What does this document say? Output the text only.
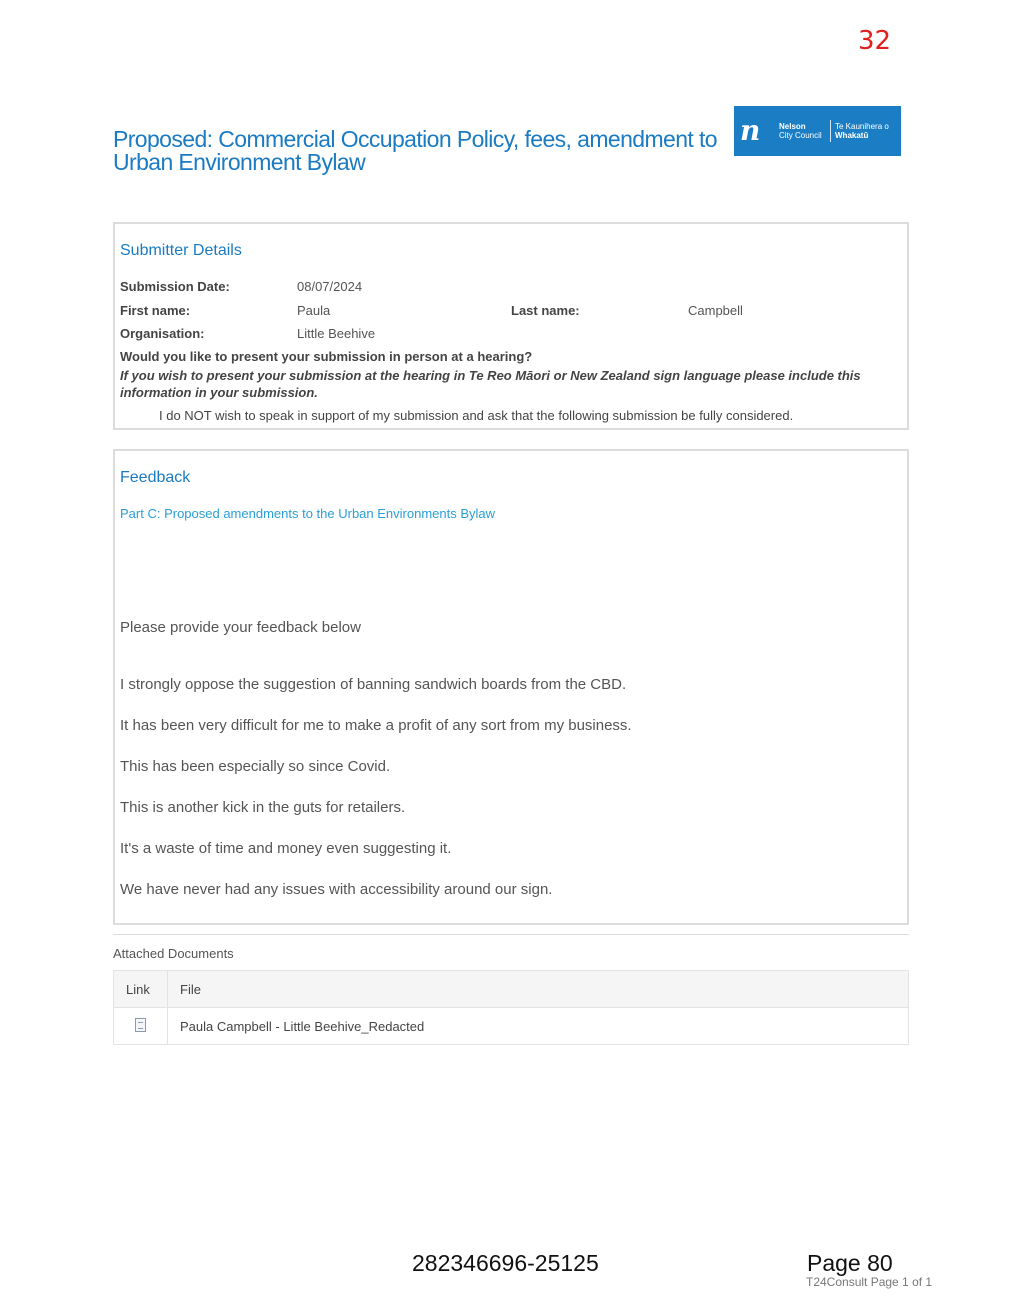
32
Proposed: Commercial Occupation Policy, fees, amendment to Urban Environment Bylaw
n	Nelson
City Council
Te Kaunihera o
Whakatū
Submitter Details
Submission Date:	08/07/2024
First name:	Paula	Last name:	Campbell
Organisation:	Little Beehive
Would you like to present your submission in person at a hearing?
If you wish to present your submission at the hearing in Te Reo Māori or New Zealand sign language please include this information in your submission.
I do NOT wish to speak in support of my submission and ask that the following submission be fully considered.
Feedback
Part C: Proposed amendments to the Urban Environments Bylaw
Please provide your feedback below
I strongly oppose the suggestion of banning sandwich boards from the CBD.
It has been very difficult for me to make a profit of any sort from my business.
This has been especially so since Covid.
This is another kick in the guts for retailers.
It's a waste of time and money even suggesting it.
We have never had any issues with accessibility around our sign.
Attached Documents
Link	File
	Paula Campbell - Little Beehive_Redacted
282346696-25125	Page 80
T24Consult Page 1 of 1
